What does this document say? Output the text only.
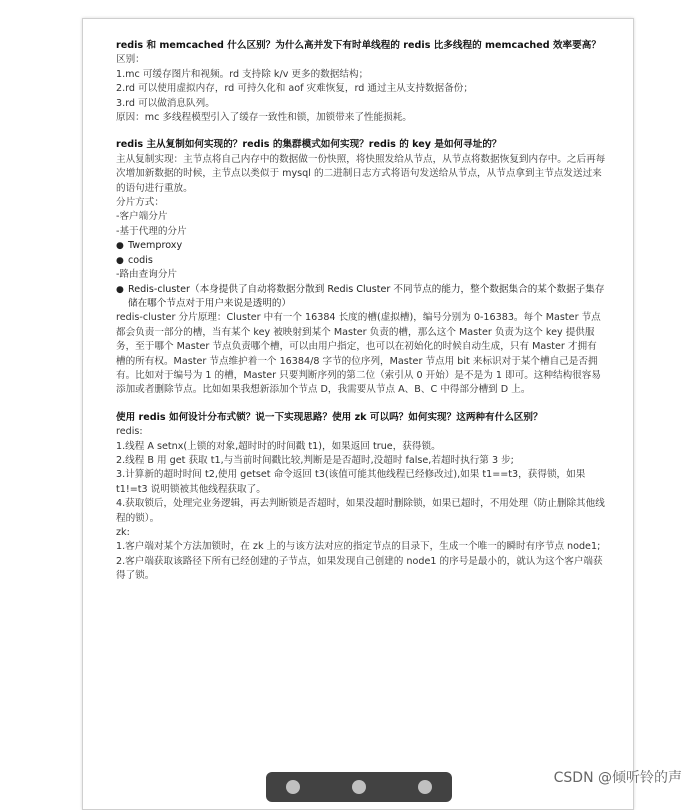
redis 和 memcached 什么区别？为什么高并发下有时单线程的 redis 比多线程的 memcached 效率要高？
区别：
1.mc 可缓存图片和视频。rd 支持除 k/v 更多的数据结构；
2.rd 可以使用虚拟内存，rd 可持久化和 aof 灾难恢复，rd 通过主从支持数据备份；
3.rd 可以做消息队列。
原因：mc 多线程模型引入了缓存一致性和锁，加锁带来了性能损耗。
redis 主从复制如何实现的？redis 的集群模式如何实现？redis 的 key 是如何寻址的？
主从复制实现：主节点将自己内存中的数据做一份快照，将快照发给从节点，从节点将数据恢复到内存中。之后再每次增加新数据的时候，主节点以类似于 mysql 的二进制日志方式将语句发送给从节点，从节点拿到主节点发送过来的语句进行重放。
分片方式：
-客户端分片
-基于代理的分片
● Twemproxy
● codis
-路由查询分片
● Redis-cluster（本身提供了自动将数据分散到 Redis Cluster 不同节点的能力，整个数据集合的某个数据子集存储在哪个节点对于用户来说是透明的）
redis-cluster 分片原理：Cluster 中有一个 16384 长度的槽(虚拟槽)，编号分别为 0-16383。每个 Master 节点都会负责一部分的槽，当有某个 key 被映射到某个 Master 负责的槽，那么这个 Master 负责为这个 key 提供服务，至于哪个 Master 节点负责哪个槽，可以由用户指定，也可以在初始化的时候自动生成，只有 Master 才拥有槽的所有权。Master 节点维护着一个 16384/8 字节的位序列，Master 节点用 bit 来标识对于某个槽自己是否拥有。比如对于编号为 1 的槽，Master 只要判断序列的第二位（索引从 0 开始）是不是为 1 即可。这种结构很容易添加或者删除节点。比如如果我想新添加个节点 D，我需要从节点 A、B、C 中得部分槽到 D 上。
使用 redis 如何设计分布式锁？说一下实现思路？使用 zk 可以吗？如何实现？这两种有什么区别？
redis:
1.线程 A setnx(上锁的对象,超时时的时间戳 t1)，如果返回 true，获得锁。
2.线程 B 用 get 获取 t1,与当前时间戳比较,判断是是否超时,没超时 false,若超时执行第 3 步;
3.计算新的超时时间 t2,使用 getset 命令返回 t3(该值可能其他线程已经修改过),如果 t1==t3，获得锁，如果 t1!=t3 说明锁被其他线程获取了。
4.获取锁后，处理完业务逻辑，再去判断锁是否超时，如果没超时删除锁，如果已超时，不用处理（防止删除其他线程的锁）。
zk:
1.客户端对某个方法加锁时，在 zk 上的与该方法对应的指定节点的目录下，生成一个唯一的瞬时有序节点 node1;
2.客户端获取该路径下所有已经创建的子节点，如果发现自己创建的 node1 的序号是最小的，就认为这个客户端获得了锁。
CSDN @倾听铃的声
